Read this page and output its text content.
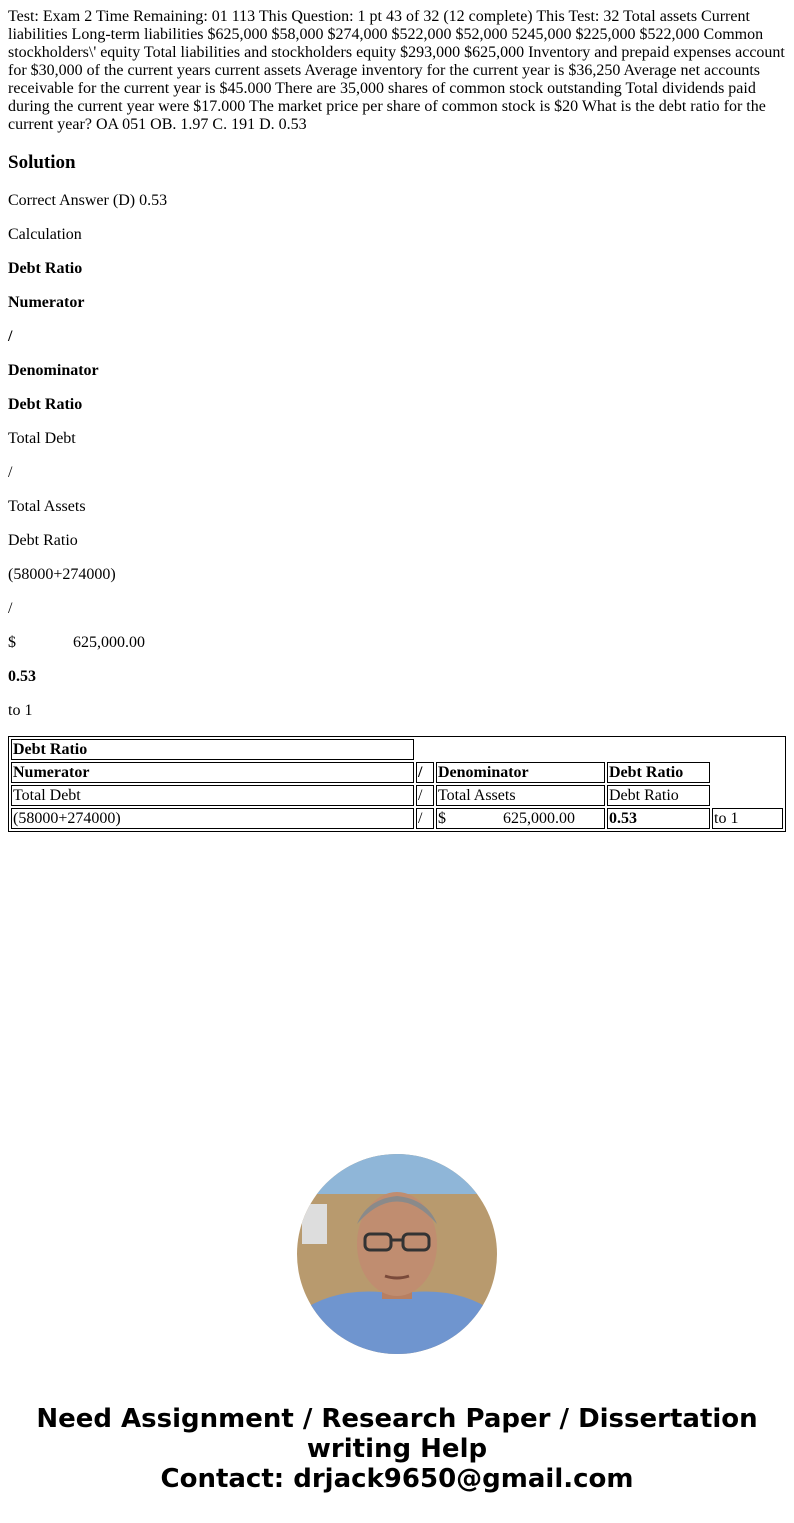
Test: Exam 2 Time Remaining: 01 113 This Question: 1 pt 43 of 32 (12 complete) This Test: 32 Total assets Current liabilities Long-term liabilities $625,000 $58,000 $274,000 $522,000 $52,000 5245,000 $225,000 $522,000 Common stockholders\' equity Total liabilities and stockholders equity $293,000 $625,000 Inventory and prepaid expenses account for $30,000 of the current years current assets Average inventory for the current year is $36,250 Average net accounts receivable for the current year is $45.000 There are 35,000 shares of common stock outstanding Total dividends paid during the current year were $17.000 The market price per share of common stock is $20 What is the debt ratio for the current year? OA 051 OB. 1.97 C. 191 D. 0.53

Solution

Correct Answer (D) 0.53

Calculation

Debt Ratio

Numerator

/

Denominator

Debt Ratio

Total Debt

/

Total Assets

Debt Ratio

(58000+274000)

/

$	625,000.00

0.53

to 1

Debt Ratio				
Numerator	/	Denominator	Debt Ratio	
Total Debt	/	Total Assets	Debt Ratio	
(58000+274000)	/	$ 625,000.00	0.53	to 1
Need Assignment / Research Paper / Dissertation writing Help
Contact: drjack9650@gmail.com
